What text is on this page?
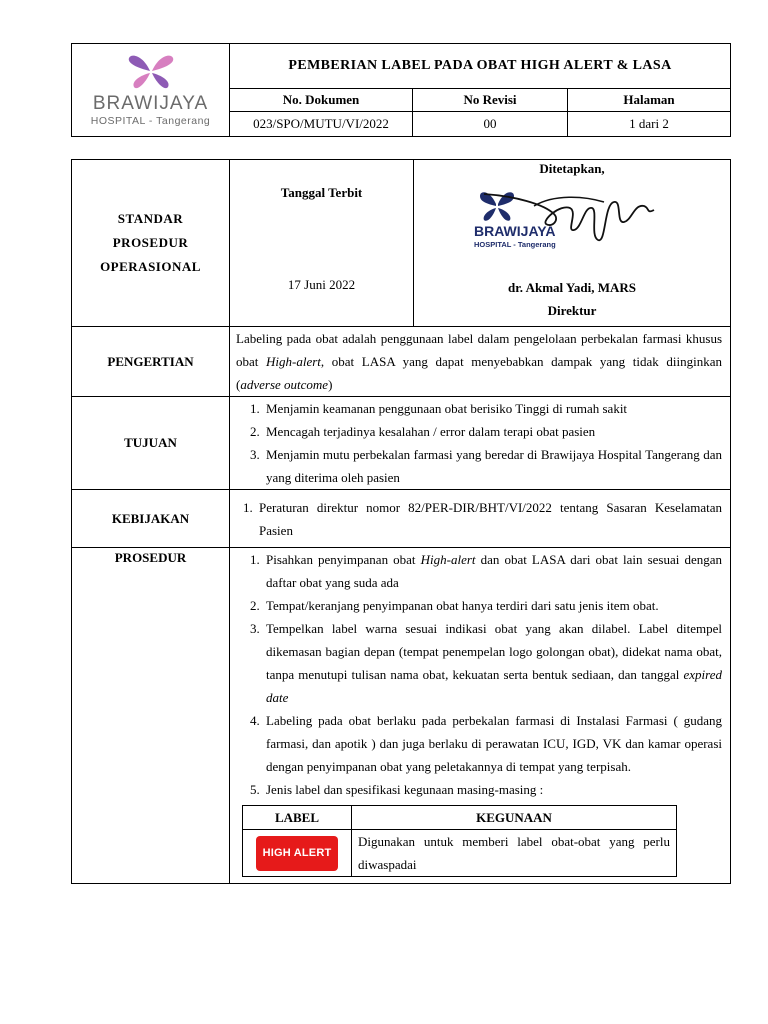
BRAWIJAYA
HOSPITAL - Tangerang	PEMBERIAN LABEL PADA OBAT HIGH ALERT & LASA		
	No. Dokumen	No Revisi	Halaman
	023/SPO/MUTU/VI/2022	00	1 dari 2
STANDAR
PROSEDUR
OPERASIONAL

Tanggal Terbit
17 Juni 2022

Ditetapkan,
BRAWIJAYA
HOSPITAL - Tangerang
dr. Akmal Yadi, MARS
Direktur

PENGERTIAN	Labeling pada obat adalah penggunaan label dalam pengelolaan perbekalan farmasi khusus obat High-alert, obat LASA yang dapat menyebabkan dampak yang tidak diinginkan (adverse outcome)
TUJUAN	
1. Menjamin keamanan penggunaan obat berisiko Tinggi di rumah sakit
2. Mencagah terjadinya kesalahan / error dalam terapi obat pasien
3. Menjamin mutu perbekalan farmasi yang beredar di Brawijaya Hospital Tangerang dan yang diterima oleh pasien

KEBIJAKAN	
1. Peraturan direktur nomor 82/PER-DIR/BHT/VI/2022 tentang Sasaran Keselamatan Pasien

PROSEDUR	
1.Pisahkan penyimpanan obat High-alert dan obat LASA dari obat lain sesuai dengan daftar obat yang suda ada
2. Tempat/keranjang penyimpanan obat hanya terdiri dari satu jenis item obat.
3. Tempelkan label warna sesuai indikasi obat yang akan dilabel. Label ditempel dikemasan bagian depan (tempat penempelan logo golongan obat), didekat nama obat, tanpa menutupi tulisan nama obat, kekuatan serta bentuk sediaan, dan tanggal expired date
4. Labeling pada obat berlaku pada perbekalan farmasi di Instalasi Farmasi ( gudang farmasi, dan apotik ) dan juga berlaku di perawatan ICU, IGD, VK dan kamar operasi dengan penyimpanan obat yang peletakannya di tempat yang terpisah.
5. Jenis label dan spesifikasi kegunaan masing-masing :
LABEL	KEGUNAAN
HIGH ALERT	Digunakan untuk memberi label obat-obat yang perlu diwaspadai
